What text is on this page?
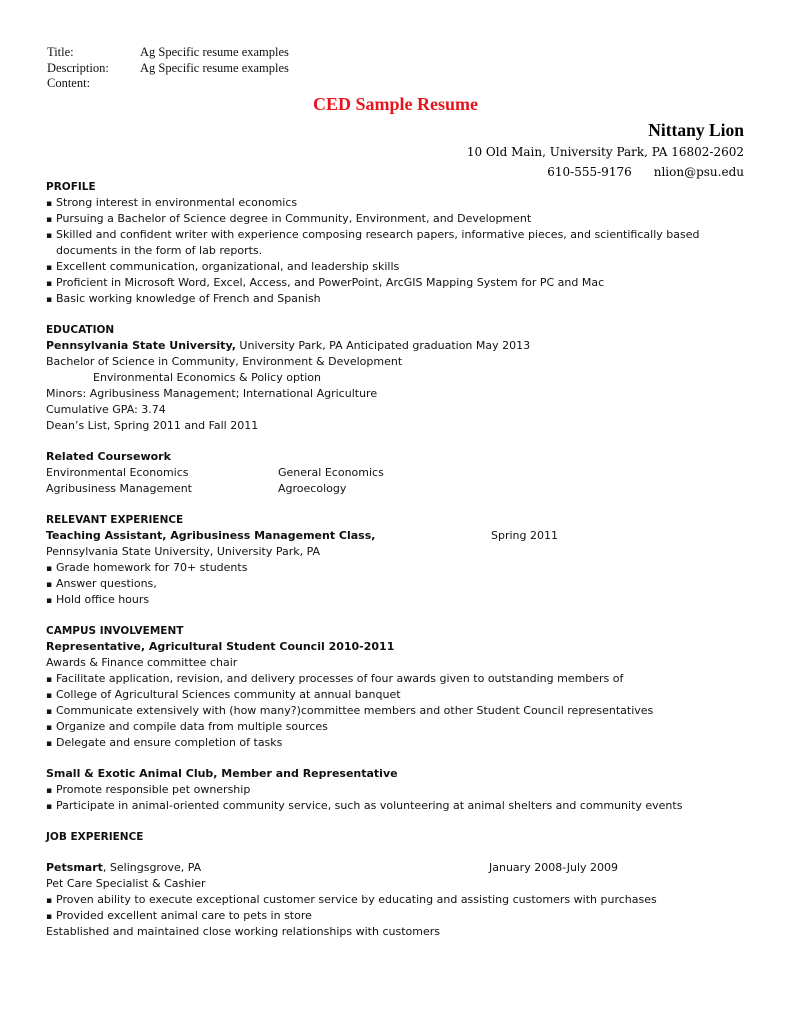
Title:	Ag Specific resume examples
Description:	Ag Specific resume examples
Content:
CED Sample Resume
Nittany Lion
10 Old Main, University Park, PA 16802-2602
610-555-9176 nlion@psu.edu
PROFILE
▪ Strong interest in environmental economics
▪ Pursuing a Bachelor of Science degree in Community, Environment, and Development
▪ Skilled and confident writer with experience composing research papers, informative pieces, and scientifically based
documents in the form of lab reports.
▪ Excellent communication, organizational, and leadership skills
▪ Proficient in Microsoft Word, Excel, Access, and PowerPoint, ArcGIS Mapping System for PC and Mac
▪ Basic working knowledge of French and Spanish
EDUCATION
Pennsylvania State University, University Park, PA Anticipated graduation May 2013
Bachelor of Science in Community, Environment & Development
Environmental Economics & Policy option
Minors: Agribusiness Management; International Agriculture
Cumulative GPA: 3.74
Dean’s List, Spring 2011 and Fall 2011
Related Coursework
Environmental Economics	General Economics
Agribusiness Management	Agroecology
RELEVANT EXPERIENCE
Teaching Assistant, Agribusiness Management Class,	Spring 2011
Pennsylvania State University, University Park, PA
▪ Grade homework for 70+ students
▪ Answer questions,
▪ Hold office hours
CAMPUS INVOLVEMENT
Representative, Agricultural Student Council 2010-2011
Awards & Finance committee chair
▪ Facilitate application, revision, and delivery processes of four awards given to outstanding members of
▪ College of Agricultural Sciences community at annual banquet
▪ Communicate extensively with (how many?)committee members and other Student Council representatives
▪ Organize and compile data from multiple sources
▪ Delegate and ensure completion of tasks
Small & Exotic Animal Club, Member and Representative
▪ Promote responsible pet ownership
▪ Participate in animal-oriented community service, such as volunteering at animal shelters and community events
JOB EXPERIENCE
Petsmart, Selingsgrove, PA	January 2008-July 2009
Pet Care Specialist & Cashier
▪ Proven ability to execute exceptional customer service by educating and assisting customers with purchases
▪ Provided excellent animal care to pets in store
Established and maintained close working relationships with customers
